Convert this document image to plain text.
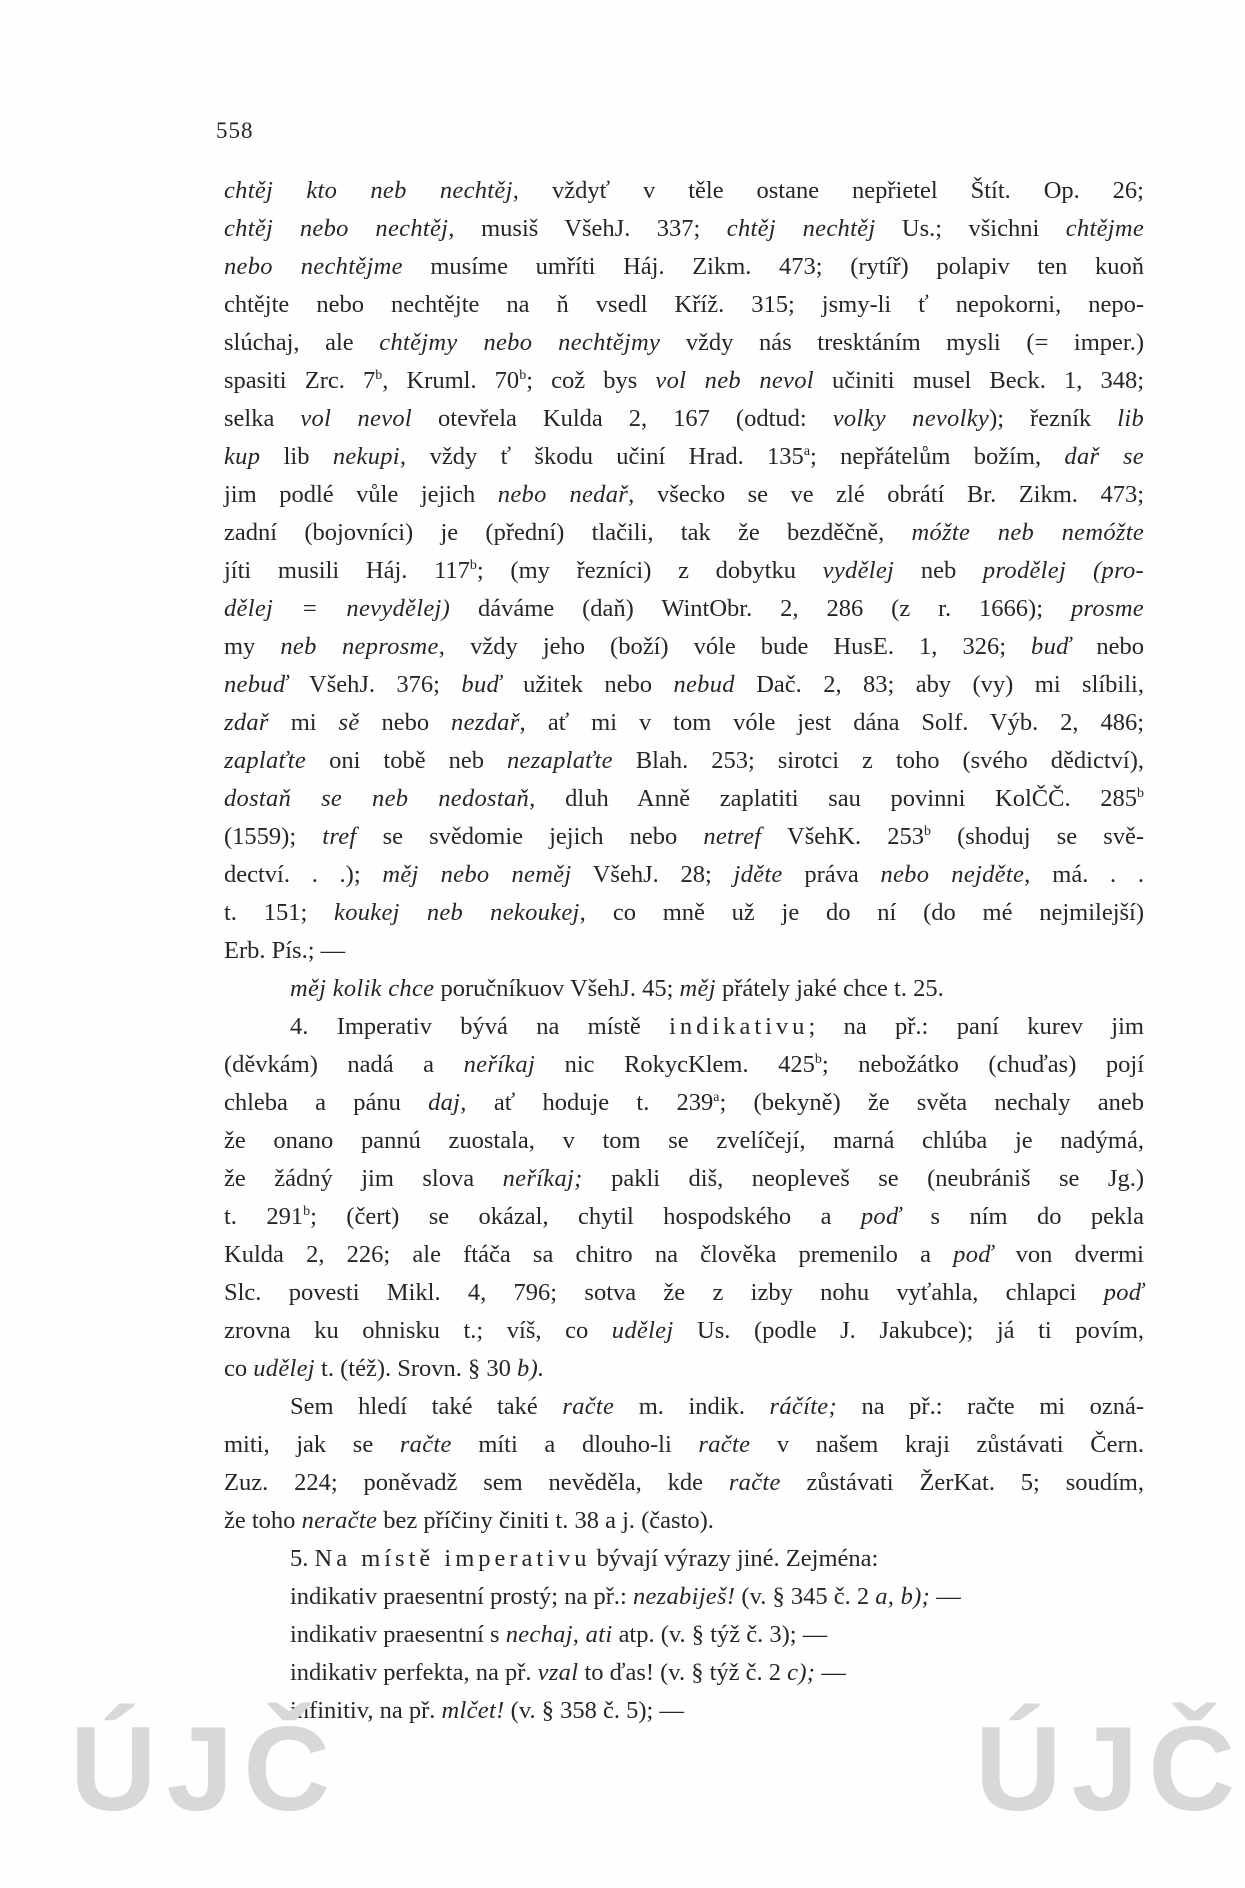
558
chtěj kto neb nechtěj, vždyť v těle ostane nepřietel Štít. Op. 26;
chtěj nebo nechtěj, musiš VšehJ. 337; chtěj nechtěj Us.; všichni chtějme
nebo nechtějme musíme umříti Háj. Zikm. 473; (rytíř) polapiv ten kuoň
chtějte nebo nechtějte na ň vsedl Kříž. 315; jsmy-li ť nepokorni, nepo-
slúchaj, ale chtějmy nebo nechtějmy vždy nás tresktáním mysli (= imper.)
spasiti Zrc. 7$^b$, Kruml. 70$^b$; což bys vol neb nevol učiniti musel Beck. 1, 348;
selka vol nevol otevřela Kulda 2, 167 (odtud: volky nevolky); řezník lib
kup lib nekupi, vždy ť škodu učiní Hrad. 135$^a$; nepřátelům božím, dař se
jim podlé vůle jejich nebo nedař, všecko se ve zlé obrátí Br. Zikm. 473;
zadní (bojovníci) je (přední) tlačili, tak že bezděčně, móžte neb nemóžte
jíti musili Háj. 117$^b$; (my řezníci) z dobytku vydělej neb prodělej (pro-
dělej = nevydělej) dáváme (daň) WintObr. 2, 286 (z r. 1666); prosme
my neb neprosme, vždy jeho (boží) vóle bude HusE. 1, 326; buď nebo
nebuď VšehJ. 376; buď užitek nebo nebud Dač. 2, 83; aby (vy) mi slíbili,
zdař mi sě nebo nezdař, ať mi v tom vóle jest dána Solf. Výb. 2, 486;
zaplaťte oni tobě neb nezaplaťte Blah. 253; sirotci z toho (svého dědictví),
dostaň se neb nedostaň, dluh Anně zaplatiti sau povinni KolČČ. 285$^b$
(1559); tref se svědomie jejich nebo netref VšehK. 253$^b$ (shoduj se svě-
dectví. . .); měj nebo neměj VšehJ. 28; jděte práva nebo nejděte, má. . .
t. 151; koukej neb nekoukej, co mně už je do ní (do mé nejmilejší)
Erb. Pís.; —
měj kolik chce poručníkuov VšehJ. 45; měj přátely jaké chce t. 25.
4. Imperativ bývá na místě indikativu; na př.: paní kurev jim
(děvkám) nadá a neříkaj nic RokycKlem. 425$^b$; nebožátko (chuďas) pojí
chleba a pánu daj, ať hoduje t. 239$^a$; (bekyně) že světa nechaly aneb
že onano pannú zuostala, v tom se zvelíčejí, marná chlúba je nadýmá,
že žádný jim slova neříkaj; pakli diš, neopleveš se (neubrániš se Jg.)
t. 291$^b$; (čert) se okázal, chytil hospodského a poď s ním do pekla
Kulda 2, 226; ale ftáča sa chitro na člověka premenilo a poď von dvermi
Slc. povesti Mikl. 4, 796; sotva že z izby nohu vyťahla, chlapci poď
zrovna ku ohnisku t.; víš, co udělej Us. (podle J. Jakubce); já ti povím,
co udělej t. (též). Srovn. § 30 b).
Sem hledí také také račte m. indik. ráčíte; na př.: račte mi ozná-
miti, jak se račte míti a dlouho-li račte v našem kraji zůstávati Čern.
Zuz. 224; poněvadž sem nevěděla, kde račte zůstávati ŽerKat. 5; soudím,
že toho neračte bez příčiny činiti t. 38 a j. (často).
5. Na místě imperativu bývají výrazy jiné. Zejména:
indikativ praesentní prostý; na př.: nezabiješ! (v. § 345 č. 2 a, b); —
indikativ praesentní s nechaj, ati atp. (v. § týž č. 3); —
indikativ perfekta, na př. vzal to ďas! (v. § týž č. 2 c); —
infinitiv, na př. mlčet! (v. § 358 č. 5); —
ÚJČ	ÚJČ
